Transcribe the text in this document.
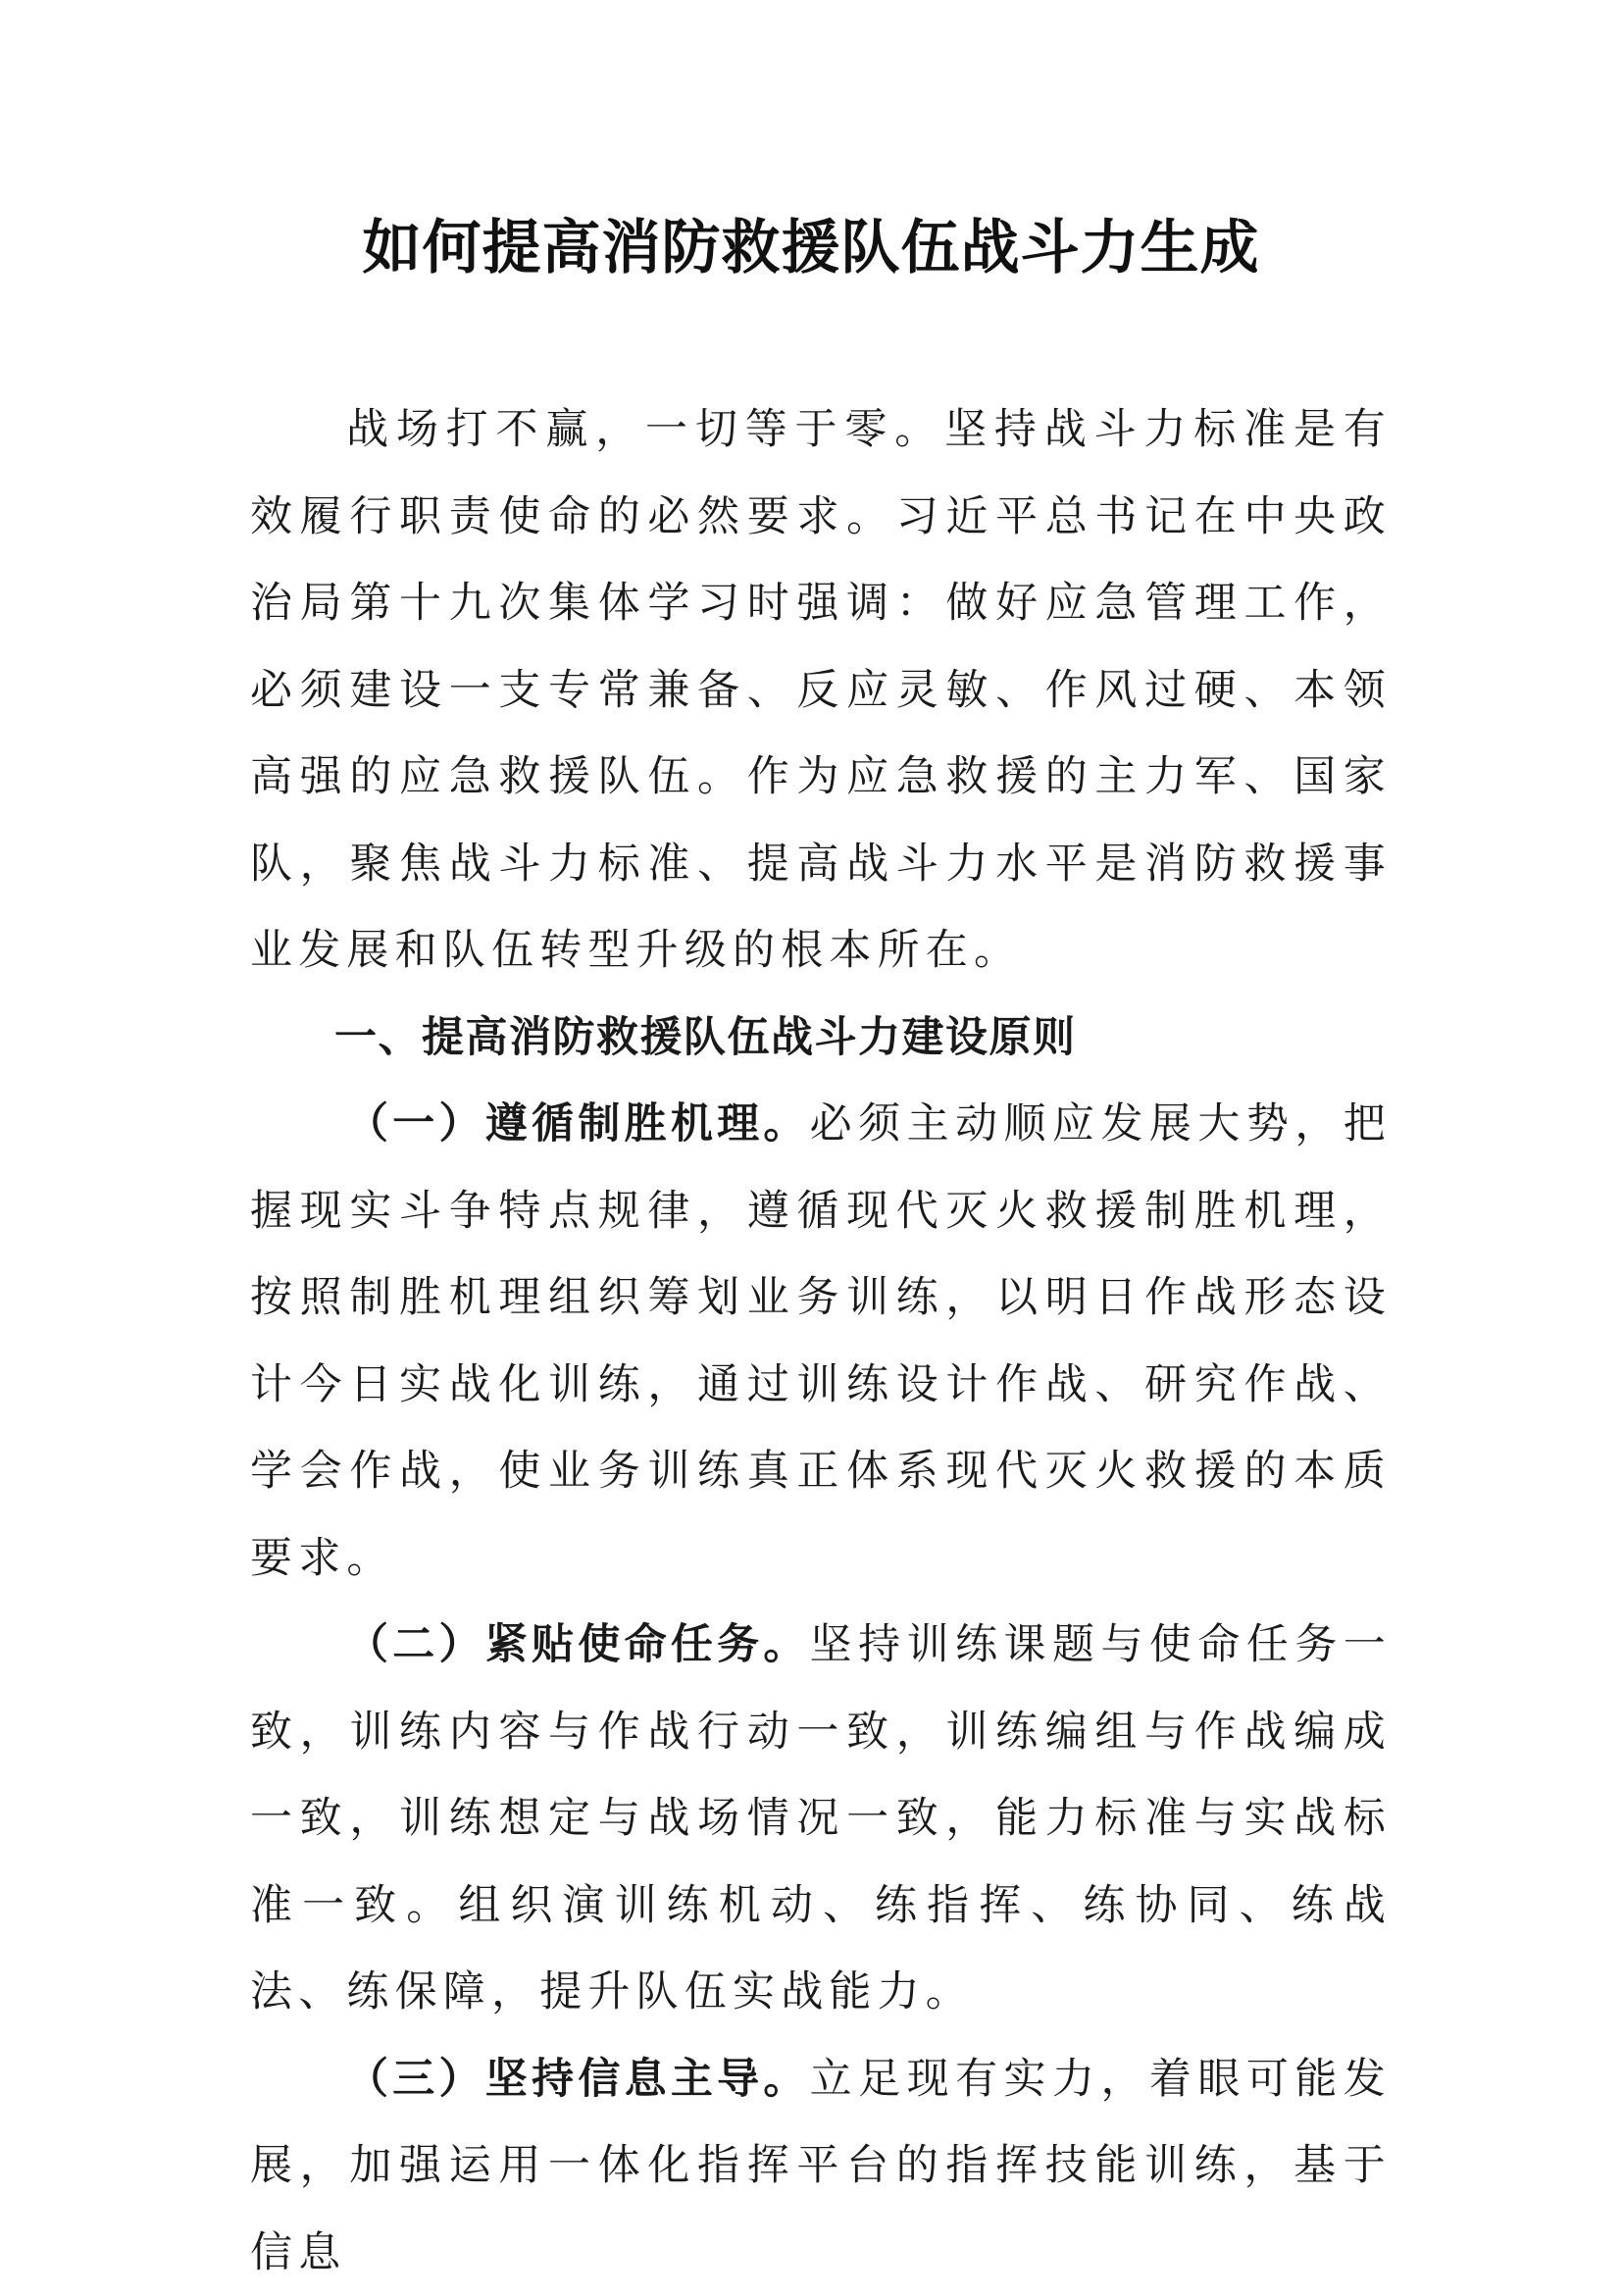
如何提高消防救援队伍战斗力生成

战场打不赢，一切等于零。坚持战斗力标准是有效履行职责使命的必然要求。习近平总书记在中央政治局第十九次集体学习时强调：做好应急管理工作，必须建设一支专常兼备、反应灵敏、作风过硬、本领高强的应急救援队伍。作为应急救援的主力军、国家队，聚焦战斗力标准、提高战斗力水平是消防救援事业发展和队伍转型升级的根本所在。

一、提高消防救援队伍战斗力建设原则

（一）遵循制胜机理。必须主动顺应发展大势，把握现实斗争特点规律，遵循现代灭火救援制胜机理，按照制胜机理组织筹划业务训练，以明日作战形态设计今日实战化训练，通过训练设计作战、研究作战、学会作战，使业务训练真正体系现代灭火救援的本质要求。

（二）紧贴使命任务。坚持训练课题与使命任务一致，训练内容与作战行动一致，训练编组与作战编成一致，训练想定与战场情况一致，能力标准与实战标准一致。组织演训练机动、练指挥、练协同、练战法、练保障，提升队伍实战能力。

（三）坚持信息主导。立足现有实力，着眼可能发展，加强运用一体化指挥平台的指挥技能训练，基于信息
